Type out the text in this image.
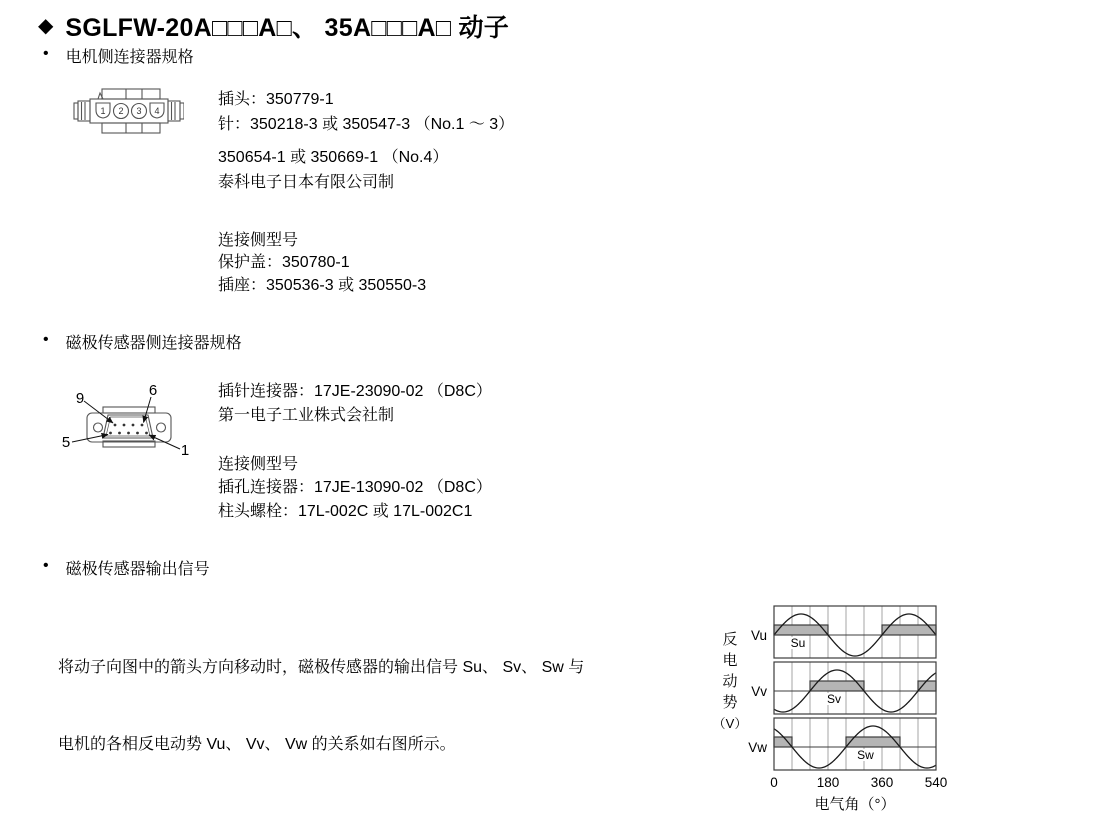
◆ SGLFW-20A□□□A□、 35A□□□A□ 动子
• 电机侧连接器规格
1 2 3 4
插头：350779-1
针：350218-3 或 350547-3 （No.1 ～ 3）
350654-1 或 350669-1 （No.4）
泰科电子日本有限公司制
连接侧型号
保护盖：350780-1
插座：350536-3 或 350550-3
• 磁极传感器侧连接器规格
9	6
5	1
插针连接器：17JE-23090-02 （D8C）
第一电子工业株式会社制
连接侧型号
插孔连接器：17JE-13090-02 （D8C）
柱头螺栓：17L-002C 或 17L-002C1
• 磁极传感器输出信号

将动子向图中的箭头方向移动时，磁极传感器的输出信号 Su、 Sv、 Sw 与

电机的各相反电动势 Vu、 Vv、 Vw 的关系如右图所示。

Su
Vu
Sv
Vv
Sw
Vw
0	180 360 540
电气角（°）
反
电
动
势
（V）
